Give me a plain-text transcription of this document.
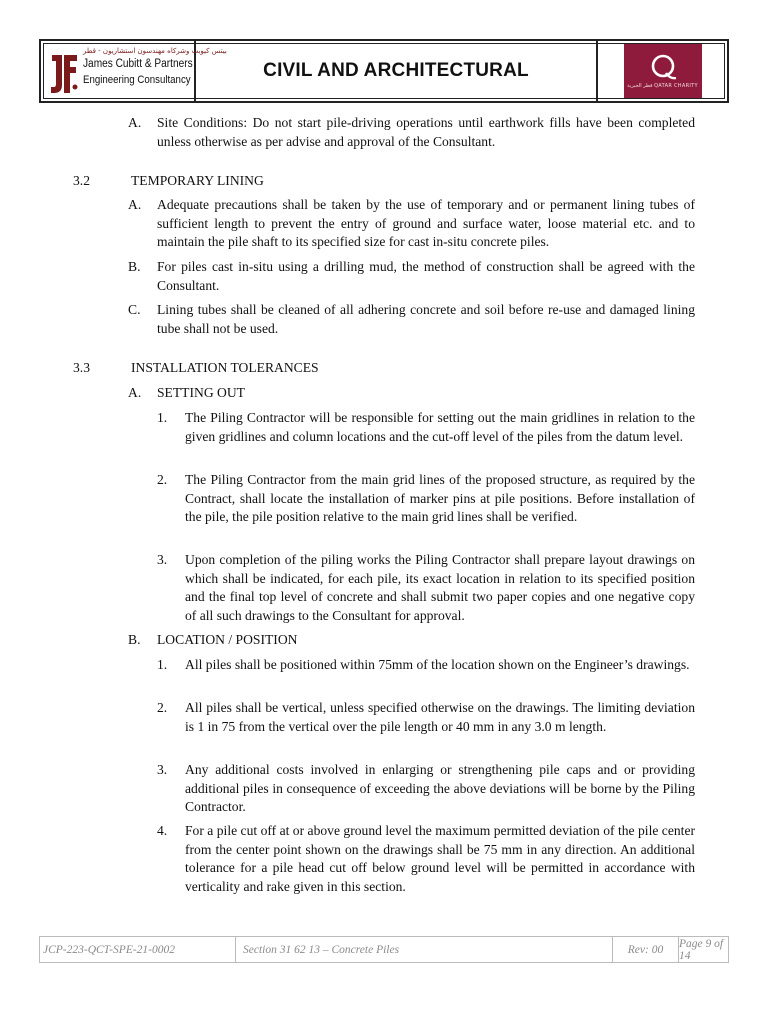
بيتس كيوبت وشركاه مهندسون استشاريون - قطر
James Cubitt & Partners
Engineering Consultancy	CIVIL AND ARCHITECTURAL
قطر الخيرية QATAR CHARITY
A. Site Conditions: Do not start pile-driving operations until earthwork fills have been completed unless otherwise as per advise and approval of the Consultant.
3.2	TEMPORARY LINING
A. Adequate precautions shall be taken by the use of temporary and or permanent lining tubes of sufficient length to prevent the entry of ground and surface water, loose material etc. and to maintain the pile shaft to its specified size for cast in-situ concrete piles.
B. For piles cast in-situ using a drilling mud, the method of construction shall be agreed with the Consultant.
C. Lining tubes shall be cleaned of all adhering concrete and soil before re-use and damaged lining tube shall not be used.
3.3	INSTALLATION TOLERANCES
A. SETTING OUT
1. The Piling Contractor will be responsible for setting out the main gridlines in relation to the given gridlines and column locations and the cut-off level of the piles from the datum level.
2. The Piling Contractor from the main grid lines of the proposed structure, as required by the Contract, shall locate the installation of marker pins at pile positions. Before installation of the pile, the pile position relative to the main grid lines shall be verified.
3. Upon completion of the piling works the Piling Contractor shall prepare layout drawings on which shall be indicated, for each pile, its exact location in relation to its specified position and the final top level of concrete and shall submit two paper copies and one negative copy of all such drawings to the Consultant for approval.
B. LOCATION / POSITION
1. All piles shall be positioned within 75mm of the location shown on the Engineer’s drawings.
2. All piles shall be vertical, unless specified otherwise on the drawings. The limiting deviation is 1 in 75 from the vertical over the pile length or 40 mm in any 3.0 m length.
3. Any additional costs involved in enlarging or strengthening pile caps and or providing additional piles in consequence of exceeding the above deviations will be borne by the Piling Contractor.
4. For a pile cut off at or above ground level the maximum permitted deviation of the pile center from the center point shown on the drawings shall be 75 mm in any direction. An additional tolerance for a pile head cut off below ground level will be permitted in accordance with verticality and rake given in this section.
JCP-223-QCT-SPE-21-0002	Section 31 62 13 – Concrete Piles	Rev: 00	Page 9 of 14
